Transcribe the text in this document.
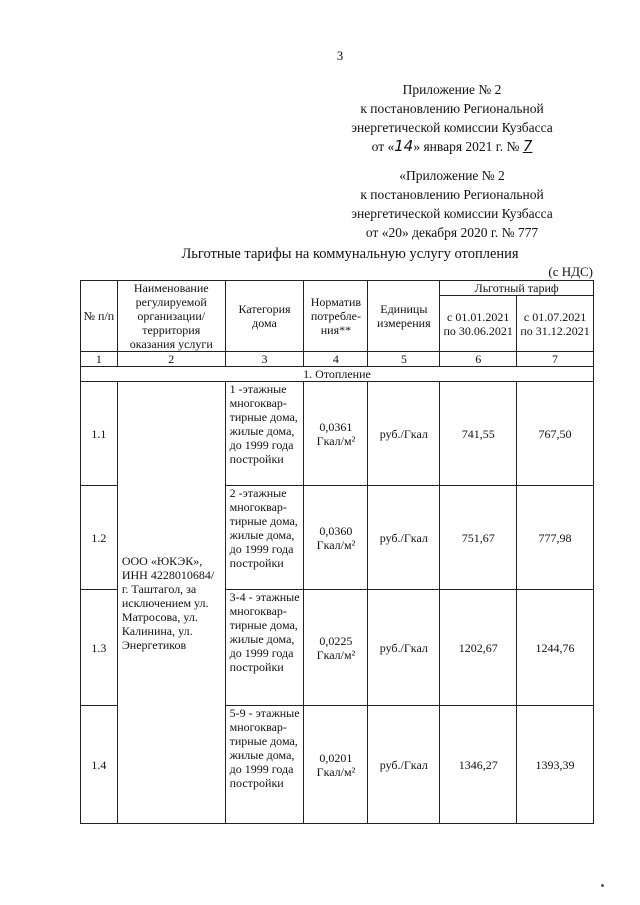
3
Приложение № 2
к постановлению Региональной
энергетической комиссии Кузбасса
от «14» января 2021 г. № 7
«Приложение № 2
к постановлению Региональной
энергетической комиссии Кузбасса
от «20» декабря 2020 г. № 777
Льготные тарифы на коммунальную услугу отопления
(с НДС)
№ п/п	Наименование регулируемой организации/ территория оказания услуги	Категория дома	Норматив потребле-ния**	Единицы измерения	Льготный тариф	
					с 01.01.2021 по 30.06.2021	с 01.07.2021 по 31.12.2021
1	2	3	4	5	6	7
1. Отопление						
1.1	ООО «ЮКЭК», ИНН 4228010684/ г. Таштагол, за исключением ул. Матросова, ул. Калинина, ул. Энергетиков	1 -этажные многоквар-тирные дома, жилые дома, до 1999 года постройки	0,0361 Гкал/м²	руб./Гкал	741,55	767,50
1.2		2 -этажные многоквар-тирные дома, жилые дома, до 1999 года постройки	0,0360 Гкал/м²	руб./Гкал	751,67	777,98
1.3		3-4 - этажные многоквар-тирные дома, жилые дома, до 1999 года постройки	0,0225 Гкал/м²	руб./Гкал	1202,67	1244,76
1.4		5-9 - этажные многоквар-тирные дома, жилые дома, до 1999 года постройки	0,0201 Гкал/м²	руб./Гкал	1346,27	1393,39
